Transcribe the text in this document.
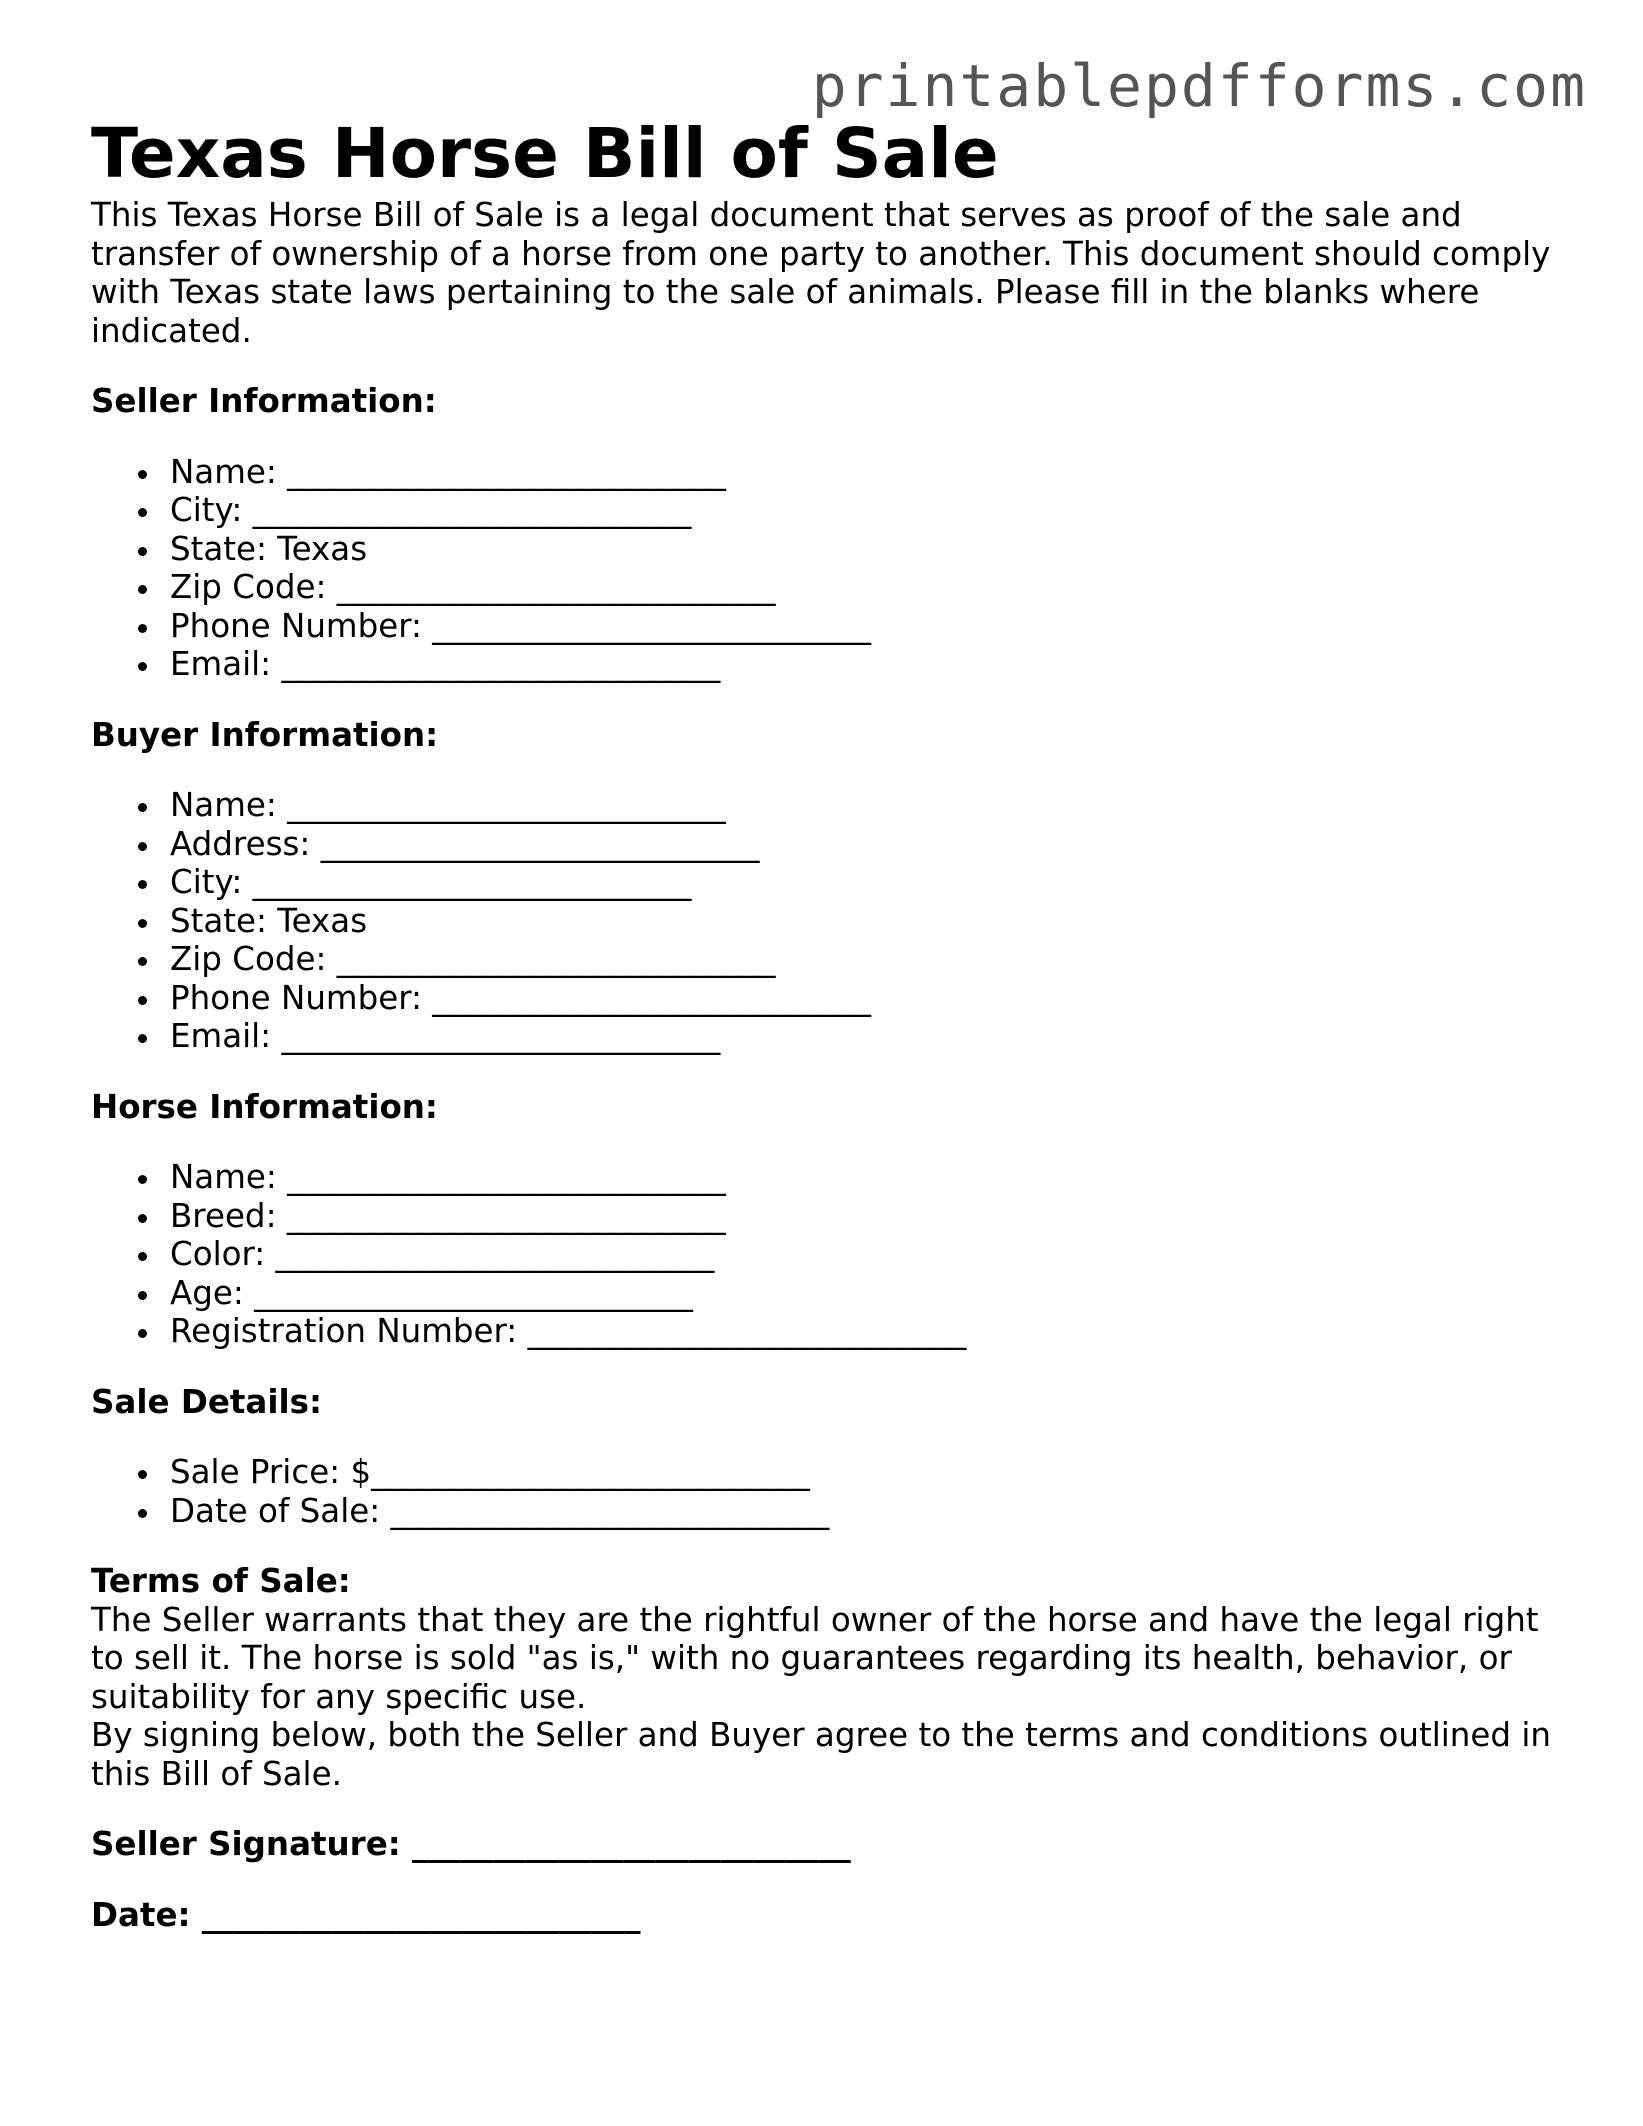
printablepdfforms.com
Texas Horse Bill of Sale

This Texas Horse Bill of Sale is a legal document that serves as proof of the sale and transfer of ownership of a horse from one party to another. This document should comply with Texas state laws pertaining to the sale of animals. Please fill in the blanks where indicated.

Seller Information:

Name: ___________________________
City: ___________________________
State: Texas
Zip Code: ___________________________
Phone Number: ___________________________
Email: ___________________________

Buyer Information:

Name: ___________________________
Address: ___________________________
City: ___________________________
State: Texas
Zip Code: ___________________________
Phone Number: ___________________________
Email: ___________________________

Horse Information:

Name: ___________________________
Breed: ___________________________
Color: ___________________________
Age: ___________________________
Registration Number: ___________________________

Sale Details:

Sale Price: $___________________________
Date of Sale: ___________________________

Terms of Sale:

The Seller warrants that they are the rightful owner of the horse and have the legal right to sell it. The horse is sold "as is," with no guarantees regarding its health, behavior, or suitability for any specific use.

By signing below, both the Seller and Buyer agree to the terms and conditions outlined in this Bill of Sale.

Seller Signature: ___________________________

Date: ___________________________
